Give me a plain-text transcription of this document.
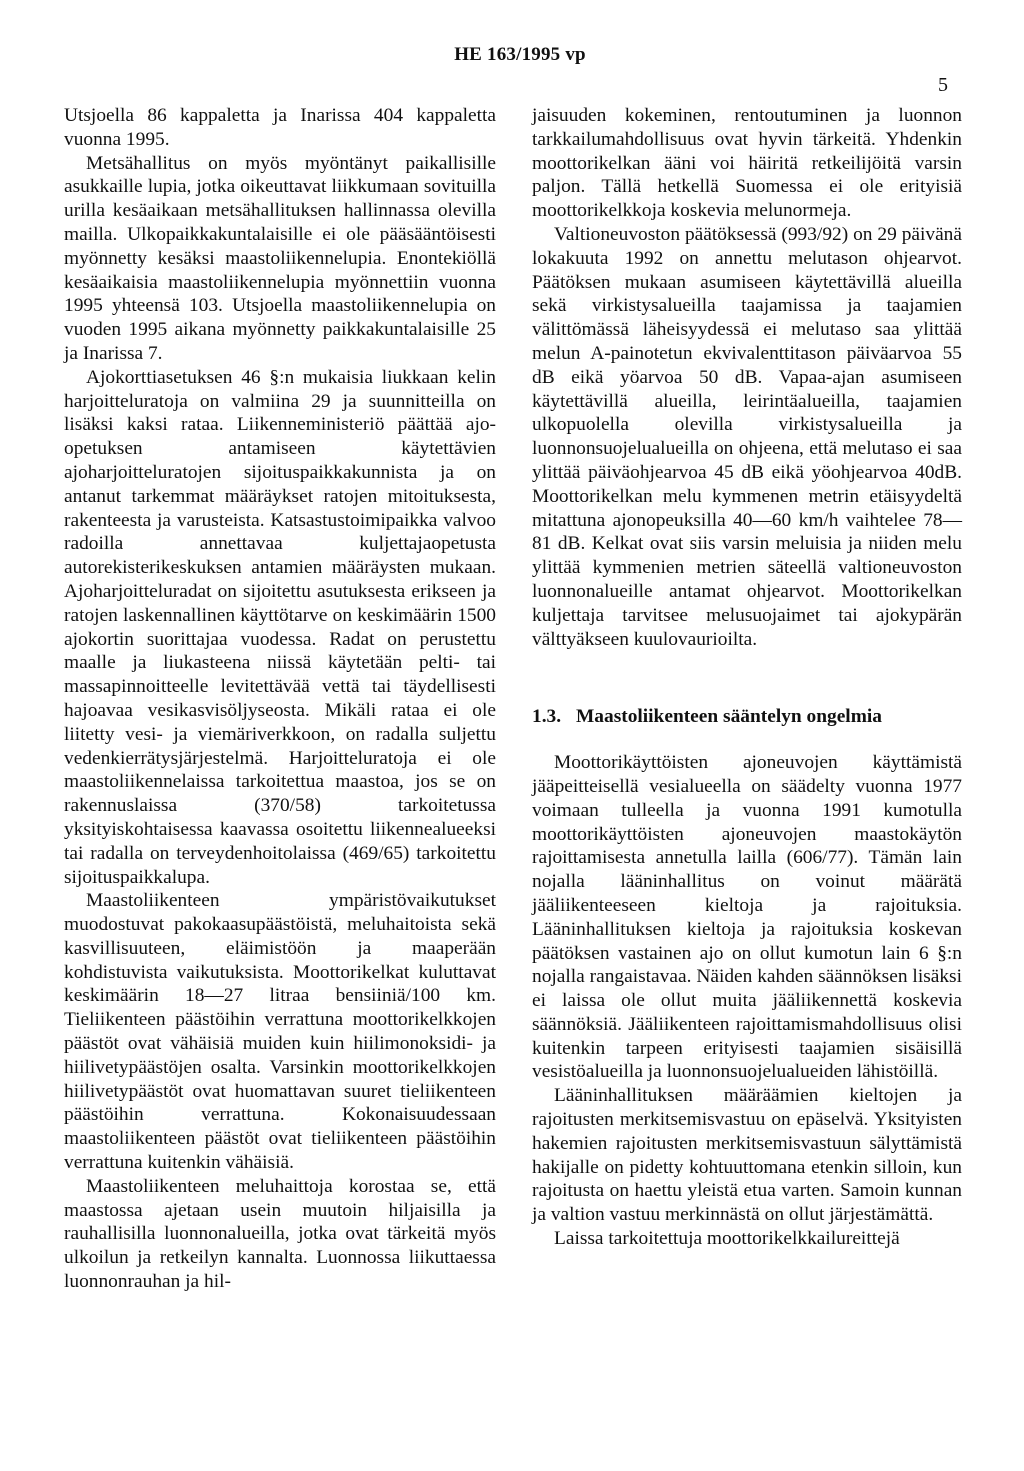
HE 163/1995 vp
5

Utsjoella 86 kappaletta ja Inarissa 404 kappaletta vuonna 1995.

Metsähallitus on myös myöntänyt paikallisille asukkaille lupia, jotka oikeuttavat liikkumaan sovituilla urilla kesäaikaan metsähallituksen hallinnassa olevilla mailla. Ulkopaikkakuntalaisille ei ole pääsääntöisesti myönnetty kesäksi maastoliikennelupia. Enontekiöllä kesäaikaisia maastoliikennelupia myönnettiin vuonna 1995 yhteensä 103. Utsjoella maastoliikennelupia on vuoden 1995 aikana myönnetty paikkakuntalaisille 25 ja Inarissa 7.

Ajokorttiasetuksen 46 §:n mukaisia liukkaan kelin harjoitteluratoja on valmiina 29 ja suunnitteilla on lisäksi kaksi rataa. Liikenneministeriö päättää ajo-opetuksen antamiseen käytettävien ajoharjoitteluratojen sijoituspaikkakunnista ja on antanut tarkemmat määräykset ratojen mitoituksesta, rakenteesta ja varusteista. Katsastustoimipaikka valvoo radoilla annettavaa kuljettajaopetusta autorekisterikeskuksen antamien määräysten mukaan. Ajoharjoitteluradat on sijoitettu asutuksesta erikseen ja ratojen laskennallinen käyttötarve on keskimäärin 1500 ajokortin suorittajaa vuodessa. Radat on perustettu maalle ja liukasteena niissä käytetään pelti- tai massapinnoitteelle levitettävää vettä tai täydellisesti hajoavaa vesikasvisöljyseosta. Mikäli rataa ei ole liitetty vesi- ja viemäriverkkoon, on radalla suljettu vedenkierrätysjärjestelmä. Harjoitteluratoja ei ole maastoliikennelaissa tarkoitettua maastoa, jos se on rakennuslaissa (370/58) tarkoitetussa yksityiskohtaisessa kaavassa osoitettu liikennealueeksi tai radalla on terveydenhoitolaissa (469/65) tarkoitettu sijoituspaikkalupa.

Maastoliikenteen ympäristövaikutukset muodostuvat pakokaasupäästöistä, meluhaitoista sekä kasvillisuuteen, eläimistöön ja maaperään kohdistuvista vaikutuksista. Moottorikelkat kuluttavat keskimäärin 18—27 litraa bensiiniä/100 km. Tieliikenteen päästöihin verrattuna moottorikelkkojen päästöt ovat vähäisiä muiden kuin hiilimonoksidi- ja hiilivetypäästöjen osalta. Varsinkin moottorikelkkojen hiilivetypäästöt ovat huomattavan suuret tieliikenteen päästöihin verrattuna. Kokonaisuudessaan maastoliikenteen päästöt ovat tieliikenteen päästöihin verrattuna kuitenkin vähäisiä.

Maastoliikenteen meluhaittoja korostaa se, että maastossa ajetaan usein muutoin hiljaisilla ja rauhallisilla luonnonalueilla, jotka ovat tärkeitä myös ulkoilun ja retkeilyn kannalta. Luonnossa liikuttaessa luonnonrauhan ja hil-

jaisuuden kokeminen, rentoutuminen ja luonnon tarkkailumahdollisuus ovat hyvin tärkeitä. Yhdenkin moottorikelkan ääni voi häiritä retkeilijöitä varsin paljon. Tällä hetkellä Suomessa ei ole erityisiä moottorikelkkoja koskevia melunormeja.

Valtioneuvoston päätöksessä (993/92) on 29 päivänä lokakuuta 1992 on annettu melutason ohjearvot. Päätöksen mukaan asumiseen käytettävillä alueilla sekä virkistysalueilla taajamissa ja taajamien välittömässä läheisyydessä ei melutaso saa ylittää melun A-painotetun ekvivalenttitason päiväarvoa 55 dB eikä yöarvoa 50 dB. Vapaa-ajan asumiseen käytettävillä alueilla, leirintäalueilla, taajamien ulkopuolella olevilla virkistysalueilla ja luonnonsuojelualueilla on ohjeena, että melutaso ei saa ylittää päiväohjearvoa 45 dB eikä yöohjearvoa 40dB. Moottorikelkan melu kymmenen metrin etäisyydeltä mitattuna ajonopeuksilla 40—60 km/h vaihtelee 78—81 dB. Kelkat ovat siis varsin meluisia ja niiden melu ylittää kymmenien metrien säteellä valtioneuvoston luonnonalueille antamat ohjearvot. Moottorikelkan kuljettaja tarvitsee melusuojaimet tai ajokypärän välttyäkseen kuulovaurioilta.

1.3. Maastoliikenteen sääntelyn ongelmia

Moottorikäyttöisten ajoneuvojen käyttämistä jääpeitteisellä vesialueella on säädelty vuonna 1977 voimaan tulleella ja vuonna 1991 kumotulla moottorikäyttöisten ajoneuvojen maastokäytön rajoittamisesta annetulla lailla (606/77). Tämän lain nojalla lääninhallitus on voinut määrätä jääliikenteeseen kieltoja ja rajoituksia. Lääninhallituksen kieltoja ja rajoituksia koskevan päätöksen vastainen ajo on ollut kumotun lain 6 §:n nojalla rangaistavaa. Näiden kahden säännöksen lisäksi ei laissa ole ollut muita jääliikennettä koskevia säännöksiä. Jääliikenteen rajoittamismahdollisuus olisi kuitenkin tarpeen erityisesti taajamien sisäisillä vesistöalueilla ja luonnonsuojelualueiden lähistöillä.

Lääninhallituksen määräämien kieltojen ja rajoitusten merkitsemisvastuu on epäselvä. Yksityisten hakemien rajoitusten merkitsemisvastuun sälyttämistä hakijalle on pidetty kohtuuttomana etenkin silloin, kun rajoitusta on haettu yleistä etua varten. Samoin kunnan ja valtion vastuu merkinnästä on ollut järjestämättä.

Laissa tarkoitettuja moottorikelkkailureittejä
